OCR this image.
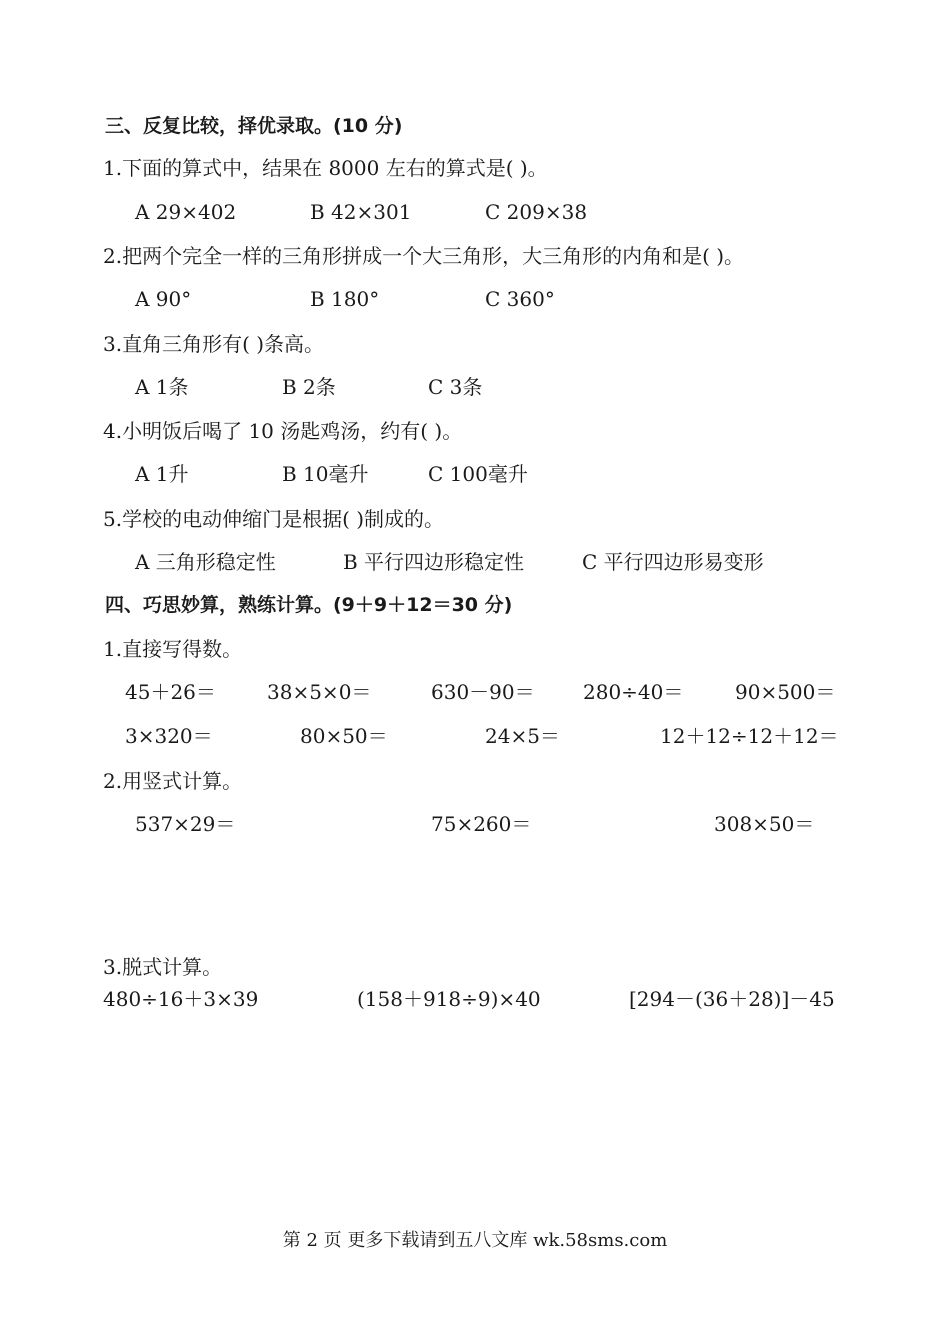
三、反复比较，择优录取。(10 分)
1.下面的算式中，结果在 8000 左右的算式是( )。
A 29×402	B 42×301	C 209×38
2.把两个完全一样的三角形拼成一个大三角形，大三角形的内角和是( )。
A 90°	B 180°	C 360°
3.直角三角形有( )条高。
A 1条	B 2条	C 3条
4.小明饭后喝了 10 汤匙鸡汤，约有( )。
A 1升	B 10毫升	C 100毫升
5.学校的电动伸缩门是根据( )制成的。
A 三角形稳定性	B 平行四边形稳定性	C 平行四边形易变形
四、巧思妙算，熟练计算。(9＋9＋12＝30 分)
1.直接写得数。
45＋26＝	38×5×0＝	630－90＝ 280÷40＝	90×500＝
3×320＝	80×50＝	24×5＝	12＋12÷12＋12＝
2.用竖式计算。
537×29＝	75×260＝	308×50＝
3.脱式计算。
480÷16＋3×39	(158＋918÷9)×40	[294－(36＋28)]－45
第 2 页 更多下载请到五八文库 wk.58sms.com
